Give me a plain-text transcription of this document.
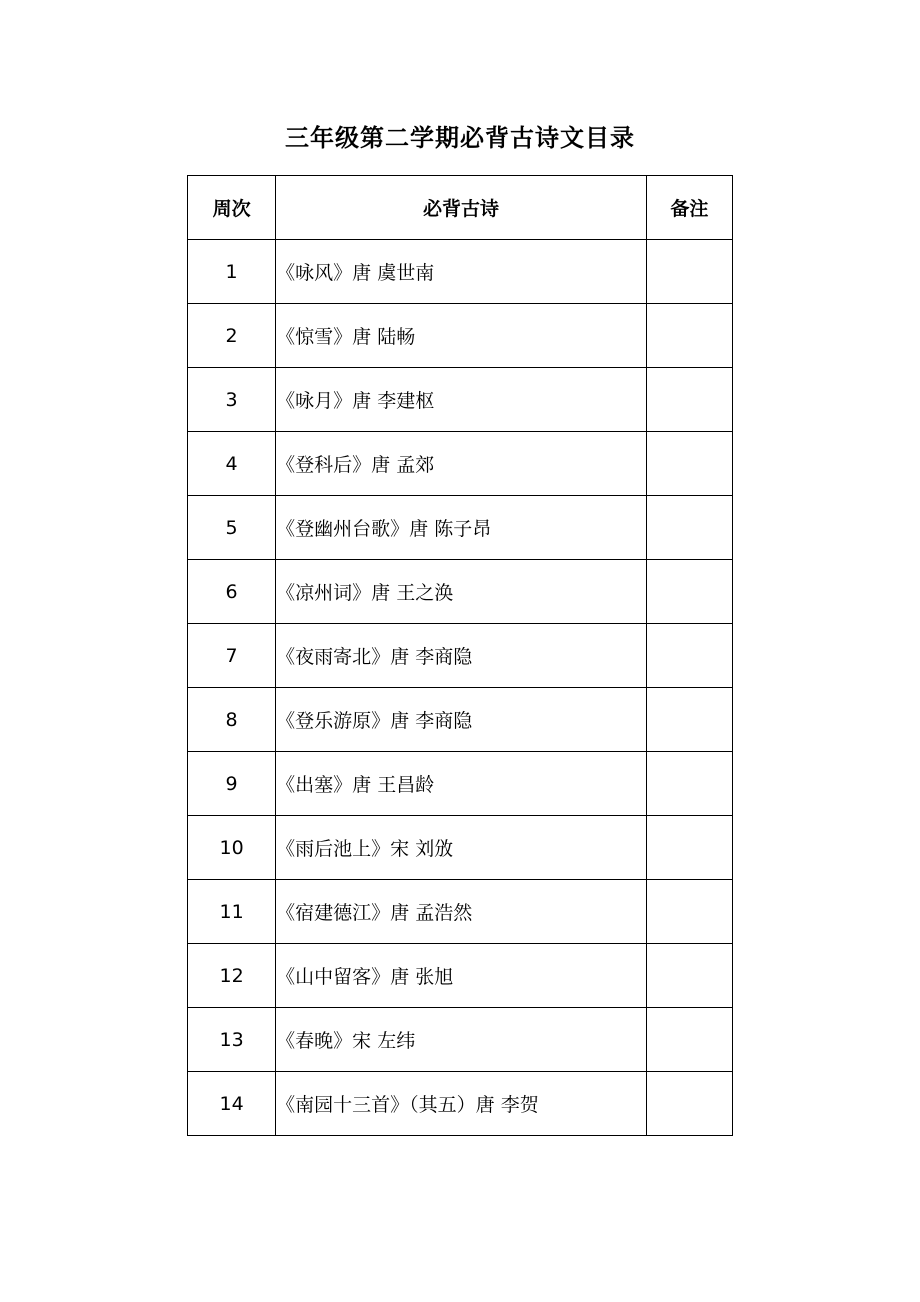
三年级第二学期必背古诗文目录
周次	必背古诗	备注
1	《咏风》唐 虞世南	
2	《惊雪》唐 陆畅	
3	《咏月》唐 李建枢	
4	《登科后》唐 孟郊	
5	《登幽州台歌》唐 陈子昂	
6	《凉州词》唐 王之涣	
7	《夜雨寄北》唐 李商隐	
8	《登乐游原》唐 李商隐	
9	《出塞》唐 王昌龄	
10	《雨后池上》宋 刘攽	
11	《宿建德江》唐 孟浩然	
12	《山中留客》唐 张旭	
13	《春晚》宋 左纬	
14	《南园十三首》（其五）唐 李贺	
